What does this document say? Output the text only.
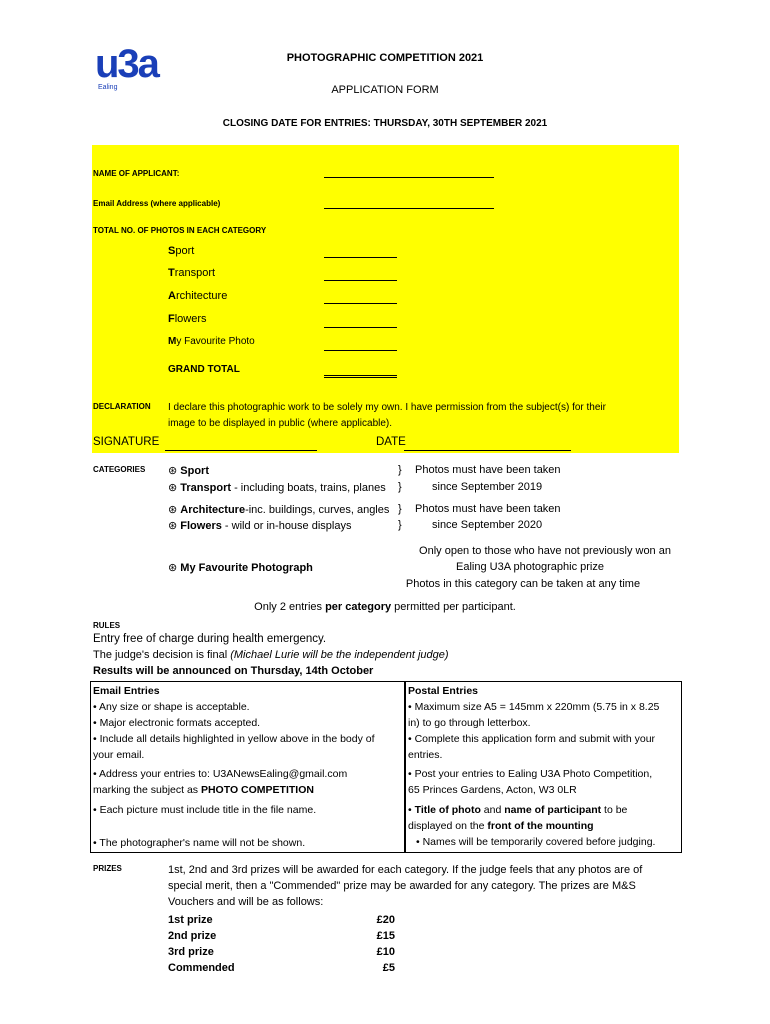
u3a
Ealing
PHOTOGRAPHIC COMPETITION 2021
APPLICATION FORM
CLOSING DATE FOR ENTRIES: THURSDAY, 30TH SEPTEMBER 2021
NAME OF APPLICANT:
Email Address (where applicable)
TOTAL NO. OF PHOTOS IN EACH CATEGORY
Sport
Transport
Architecture
Flowers
My Favourite Photo
GRAND TOTAL
DECLARATION I declare this photographic work to be solely my own. I have permission from the subject(s) for their
image to be displayed in public (where applicable).
SIGNATURE	DATE
CATEGORIES ⊛ Sport
⊛ Transport - including boats, trains, planes
}
}
Photos must have been taken
since September 2019
⊛ Architecture-inc. buildings, curves, angles
⊛ Flowers - wild or in-house displays
}
}
Photos must have been taken
since September 2020
⊛ My Favourite Photograph
Only open to those who have not previously won an
Ealing U3A photographic prize
Photos in this category can be taken at any time
Only 2 entries per category permitted per participant.
RULES
Entry free of charge during health emergency.
The judge's decision is final (Michael Lurie will be the independent judge)
Results will be announced on Thursday, 14th October
Email Entries
• Any size or shape is acceptable.
• Major electronic formats accepted.
• Include all details highlighted in yellow above in the body of
your email.
• Address your entries to: U3ANewsEaling@gmail.com
marking the subject as PHOTO COMPETITION
• Each picture must include title in the file name.
• The photographer's name will not be shown.
Postal Entries
• Maximum size A5 = 145mm x 220mm (5.75 in x 8.25
in) to go through letterbox.
• Complete this application form and submit with your
entries.
• Post your entries to Ealing U3A Photo Competition,
65 Princes Gardens, Acton, W3 0LR
• Title of photo and name of participant to be
displayed on the front of the mounting
• Names will be temporarily covered before judging.
PRIZES	1st, 2nd and 3rd prizes will be awarded for each category. If the judge feels that any photos are of
special merit, then a "Commended" prize may be awarded for any category. The prizes are M&S
Vouchers and will be as follows:
1st prize	£20
2nd prize	£15
3rd prize	£10
Commended	£5
